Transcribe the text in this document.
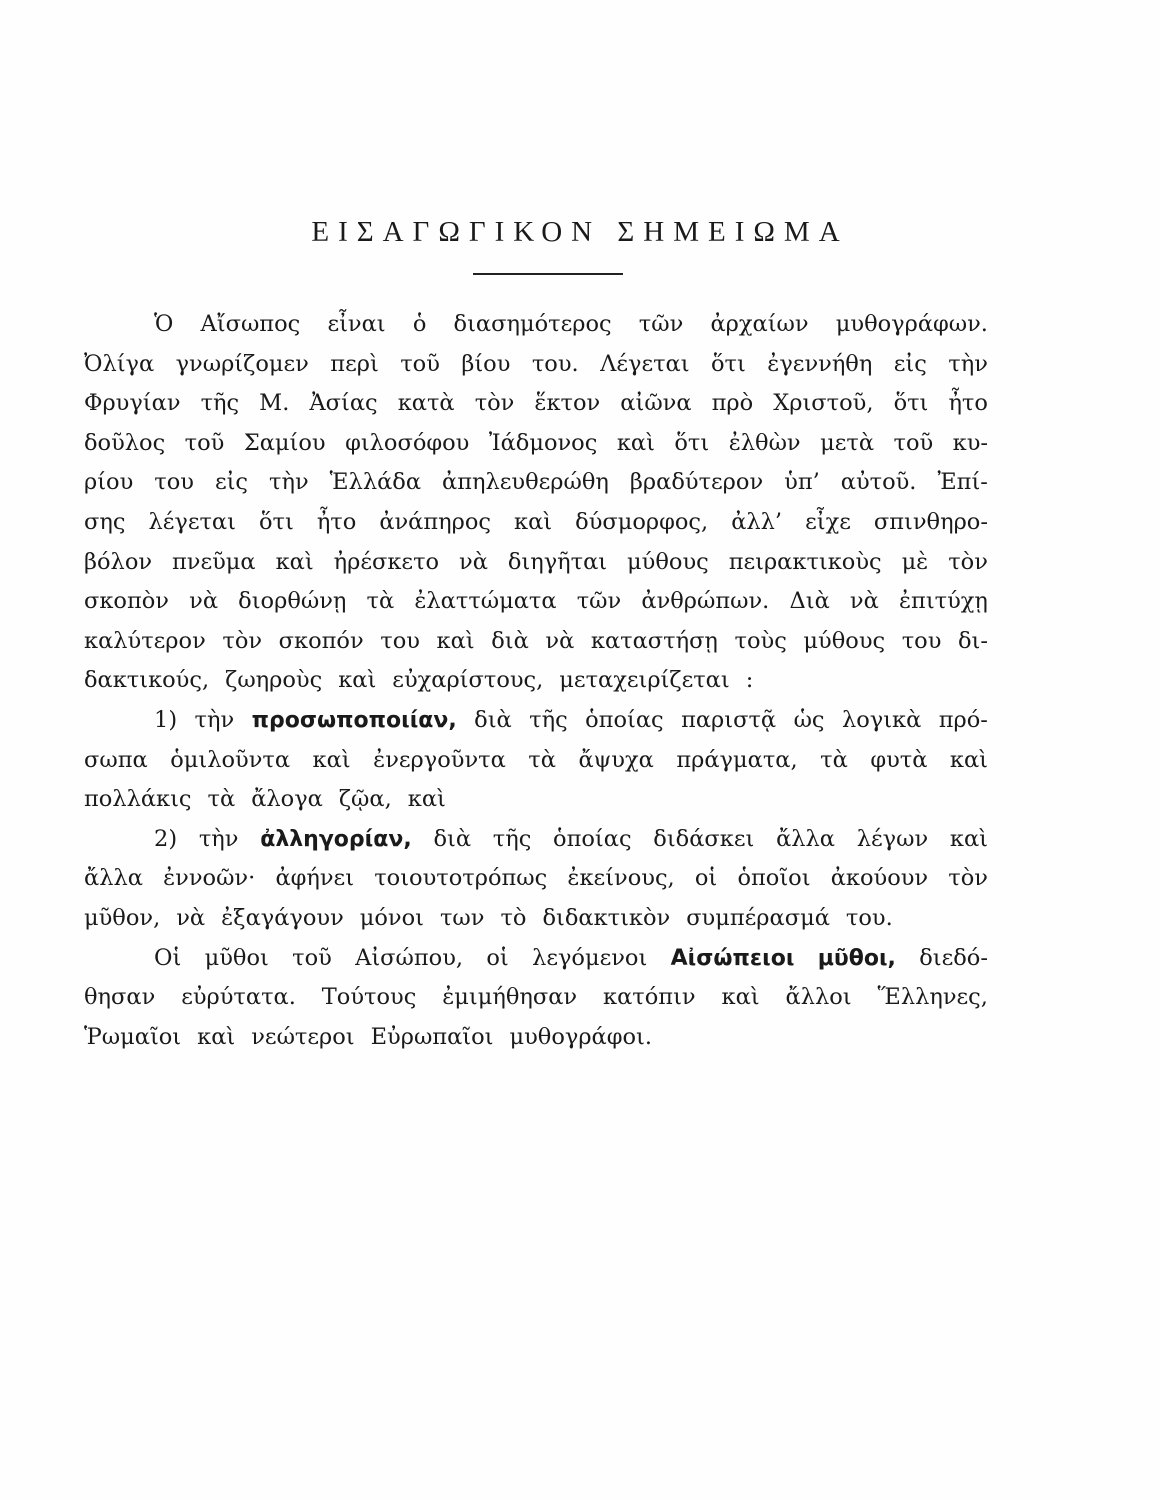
ΕΙΣΑΓΩΓΙΚΟΝ ΣΗΜΕΙΩΜΑ
Ὁ Αἴσωπος εἶναι ὁ διασημότερος τῶν ἀρχαίων μυθογράφων.
Ὀλίγα γνωρίζομεν περὶ τοῦ βίου του. Λέγεται ὅτι ἐγεννήθη εἰς τὴν
Φρυγίαν τῆς Μ. Ἀσίας κατὰ τὸν ἕκτον αἰῶνα πρὸ Χριστοῦ, ὅτι ἦτο
δοῦλος τοῦ Σαμίου φιλοσόφου Ἰάδμονος καὶ ὅτι ἐλθὼν μετὰ τοῦ κυ-
ρίου του εἰς τὴν Ἑλλάδα ἀπηλευθερώθη βραδύτερον ὑπ’ αὐτοῦ. Ἐπί-
σης λέγεται ὅτι ἦτο ἀνάπηρος καὶ δύσμορφος, ἀλλ’ εἶχε σπινθηρο-
βόλον πνεῦμα καὶ ἠρέσκετο νὰ διηγῆται μύθους πειρακτικοὺς μὲ τὸν
σκοπὸν νὰ διορθώνῃ τὰ ἐλαττώματα τῶν ἀνθρώπων. Διὰ νὰ ἐπιτύχῃ
καλύτερον τὸν σκοπόν του καὶ διὰ νὰ καταστήσῃ τοὺς μύθους του δι-
δακτικούς, ζωηροὺς καὶ εὐχαρίστους, μεταχειρίζεται :
1) τὴν προσωποποιίαν, διὰ τῆς ὁποίας παριστᾷ ὡς λογικὰ πρό-
σωπα ὁμιλοῦντα καὶ ἐνεργοῦντα τὰ ἄψυχα πράγματα, τὰ φυτὰ καὶ
πολλάκις τὰ ἄλογα ζῷα, καὶ
2) τὴν ἀλληγορίαν, διὰ τῆς ὁποίας διδάσκει ἄλλα λέγων καὶ
ἄλλα ἐννοῶν· ἀφήνει τοιουτοτρόπως ἐκείνους, οἱ ὁποῖοι ἀκούουν τὸν
μῦθον, νὰ ἐξαγάγουν μόνοι των τὸ διδακτικὸν συμπέρασμά του.
Οἱ μῦθοι τοῦ Αἰσώπου, οἱ λεγόμενοι Αἰσώπειοι μῦθοι, διεδό-
θησαν εὐρύτατα. Τούτους ἐμιμήθησαν κατόπιν καὶ ἄλλοι Ἕλληνες,
Ῥωμαῖοι καὶ νεώτεροι Εὐρωπαῖοι μυθογράφοι.
